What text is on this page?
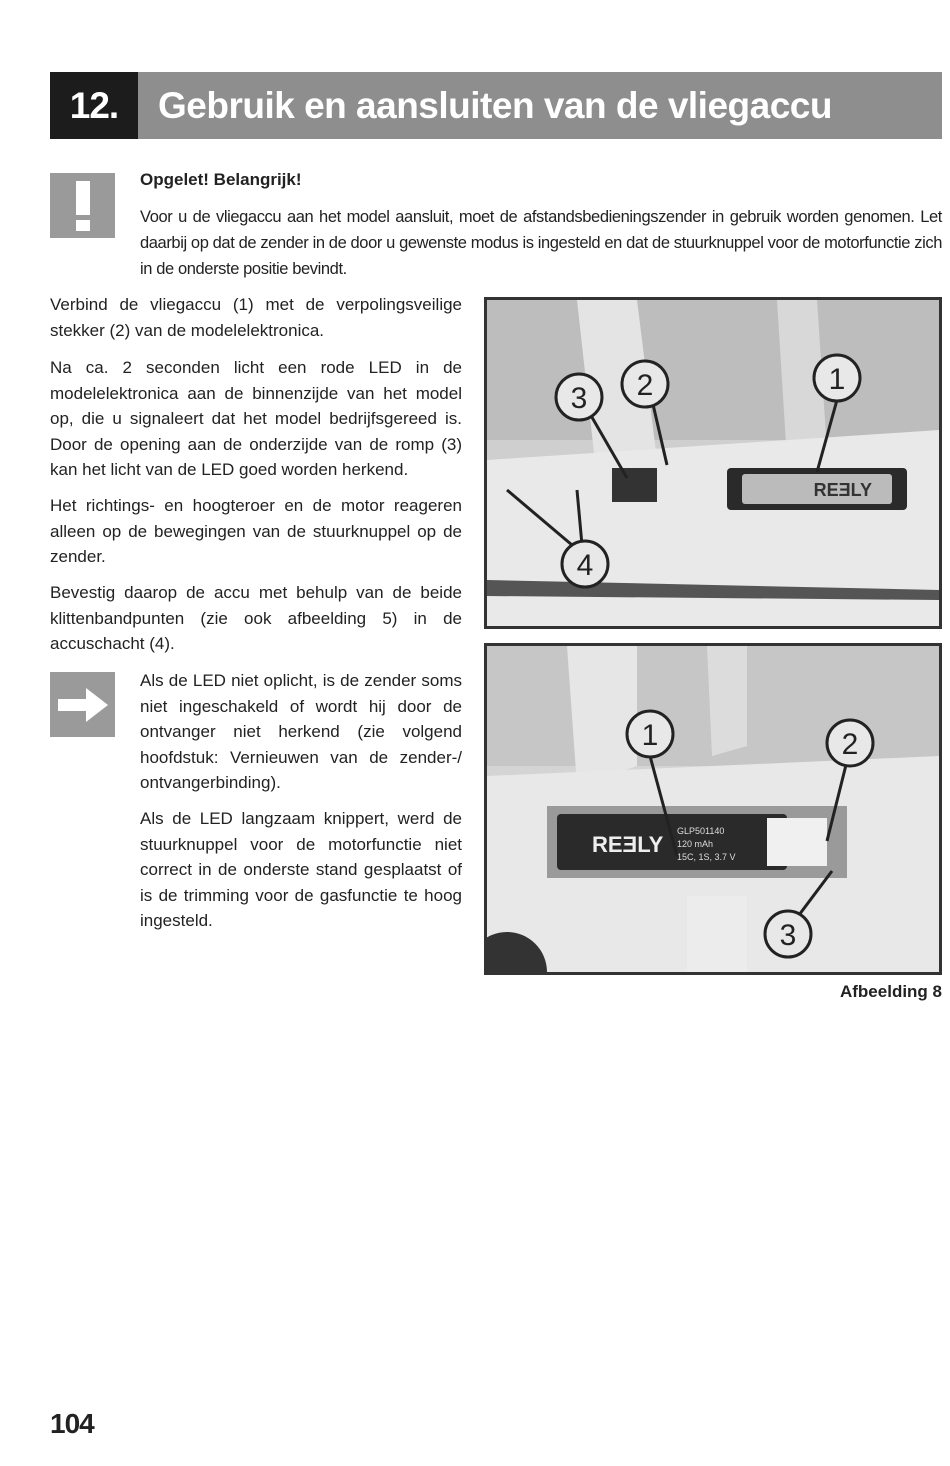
12.	Gebruik en aansluiten van de vliegaccu
Opgelet! Belangrijk!
Voor u de vliegaccu aan het model aansluit, moet de afstandsbedieningszender in gebruik worden genomen. Let daarbij op dat de zender in de door u gewenste modus is ingesteld en dat de stuurknuppel voor de motorfunctie zich in de onderste positie bevindt.

Verbind de vliegaccu (1) met de verpolingsveilige stekker (2) van de modelelektronica.

Na ca. 2 seconden licht een rode LED in de modelelektronica aan de binnenzijde van het model op, die u signaleert dat het model bedrijfsgereed is. Door de opening aan de onderzijde van de romp (3) kan het licht van de LED goed worden herkend.

Het richtings- en hoogteroer en de motor reageren alleen op de bewegingen van de stuurknuppel op de zender.

Bevestig daarop de accu met behulp van de beide klittenbandpunten (zie ook afbeelding 5) in de accuschacht (4).

Als de LED niet oplicht, is de zender soms niet ingeschakeld of wordt hij door de ontvanger niet herkend (zie volgend hoofdstuk: Vernieuwen van de zender-/ ontvangerbinding).

Als de LED langzaam knippert, werd de stuurknuppel voor de motorfunctie niet correct in de onderste stand gesplaatst of is de trimming voor de gasfunctie te hoog ingesteld.

REƎLY
3 2	1
4
REƎLY
GLP501140
120 mAh
15C, 1S, 3.7 V
1	2
3
Afbeelding 8
104
